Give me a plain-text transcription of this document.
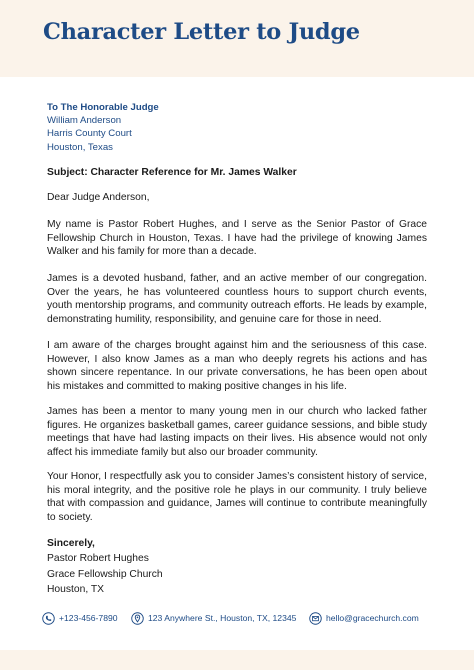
Character Letter to Judge
To The Honorable Judge
William Anderson
Harris County Court
Houston, Texas
Subject: Character Reference for Mr. James Walker
Dear Judge Anderson,

My name is Pastor Robert Hughes, and I serve as the Senior Pastor of Grace Fellowship Church in Houston, Texas. I have had the privilege of knowing James Walker and his family for more than a decade.

James is a devoted husband, father, and an active member of our congregation. Over the years, he has volunteered countless hours to support church events, youth mentorship programs, and community outreach efforts. He leads by example, demonstrating humility, responsibility, and genuine care for those in need.

I am aware of the charges brought against him and the seriousness of this case. However, I also know James as a man who deeply regrets his actions and has shown sincere repentance. In our private conversations, he has been open about his mistakes and committed to making positive changes in his life.

James has been a mentor to many young men in our church who lacked father figures. He organizes basketball games, career guidance sessions, and bible study meetings that have had lasting impacts on their lives. His absence would not only affect his immediate family but also our broader community.

Your Honor, I respectfully ask you to consider James’s consistent history of service, his moral integrity, and the positive role he plays in our community. I truly believe that with compassion and guidance, James will continue to contribute meaningfully to society.

Sincerely,
Pastor Robert Hughes
Grace Fellowship Church
Houston, TX
+123-456-7890	123 Anywhere St., Houston, TX, 12345	hello@gracechurch.com
